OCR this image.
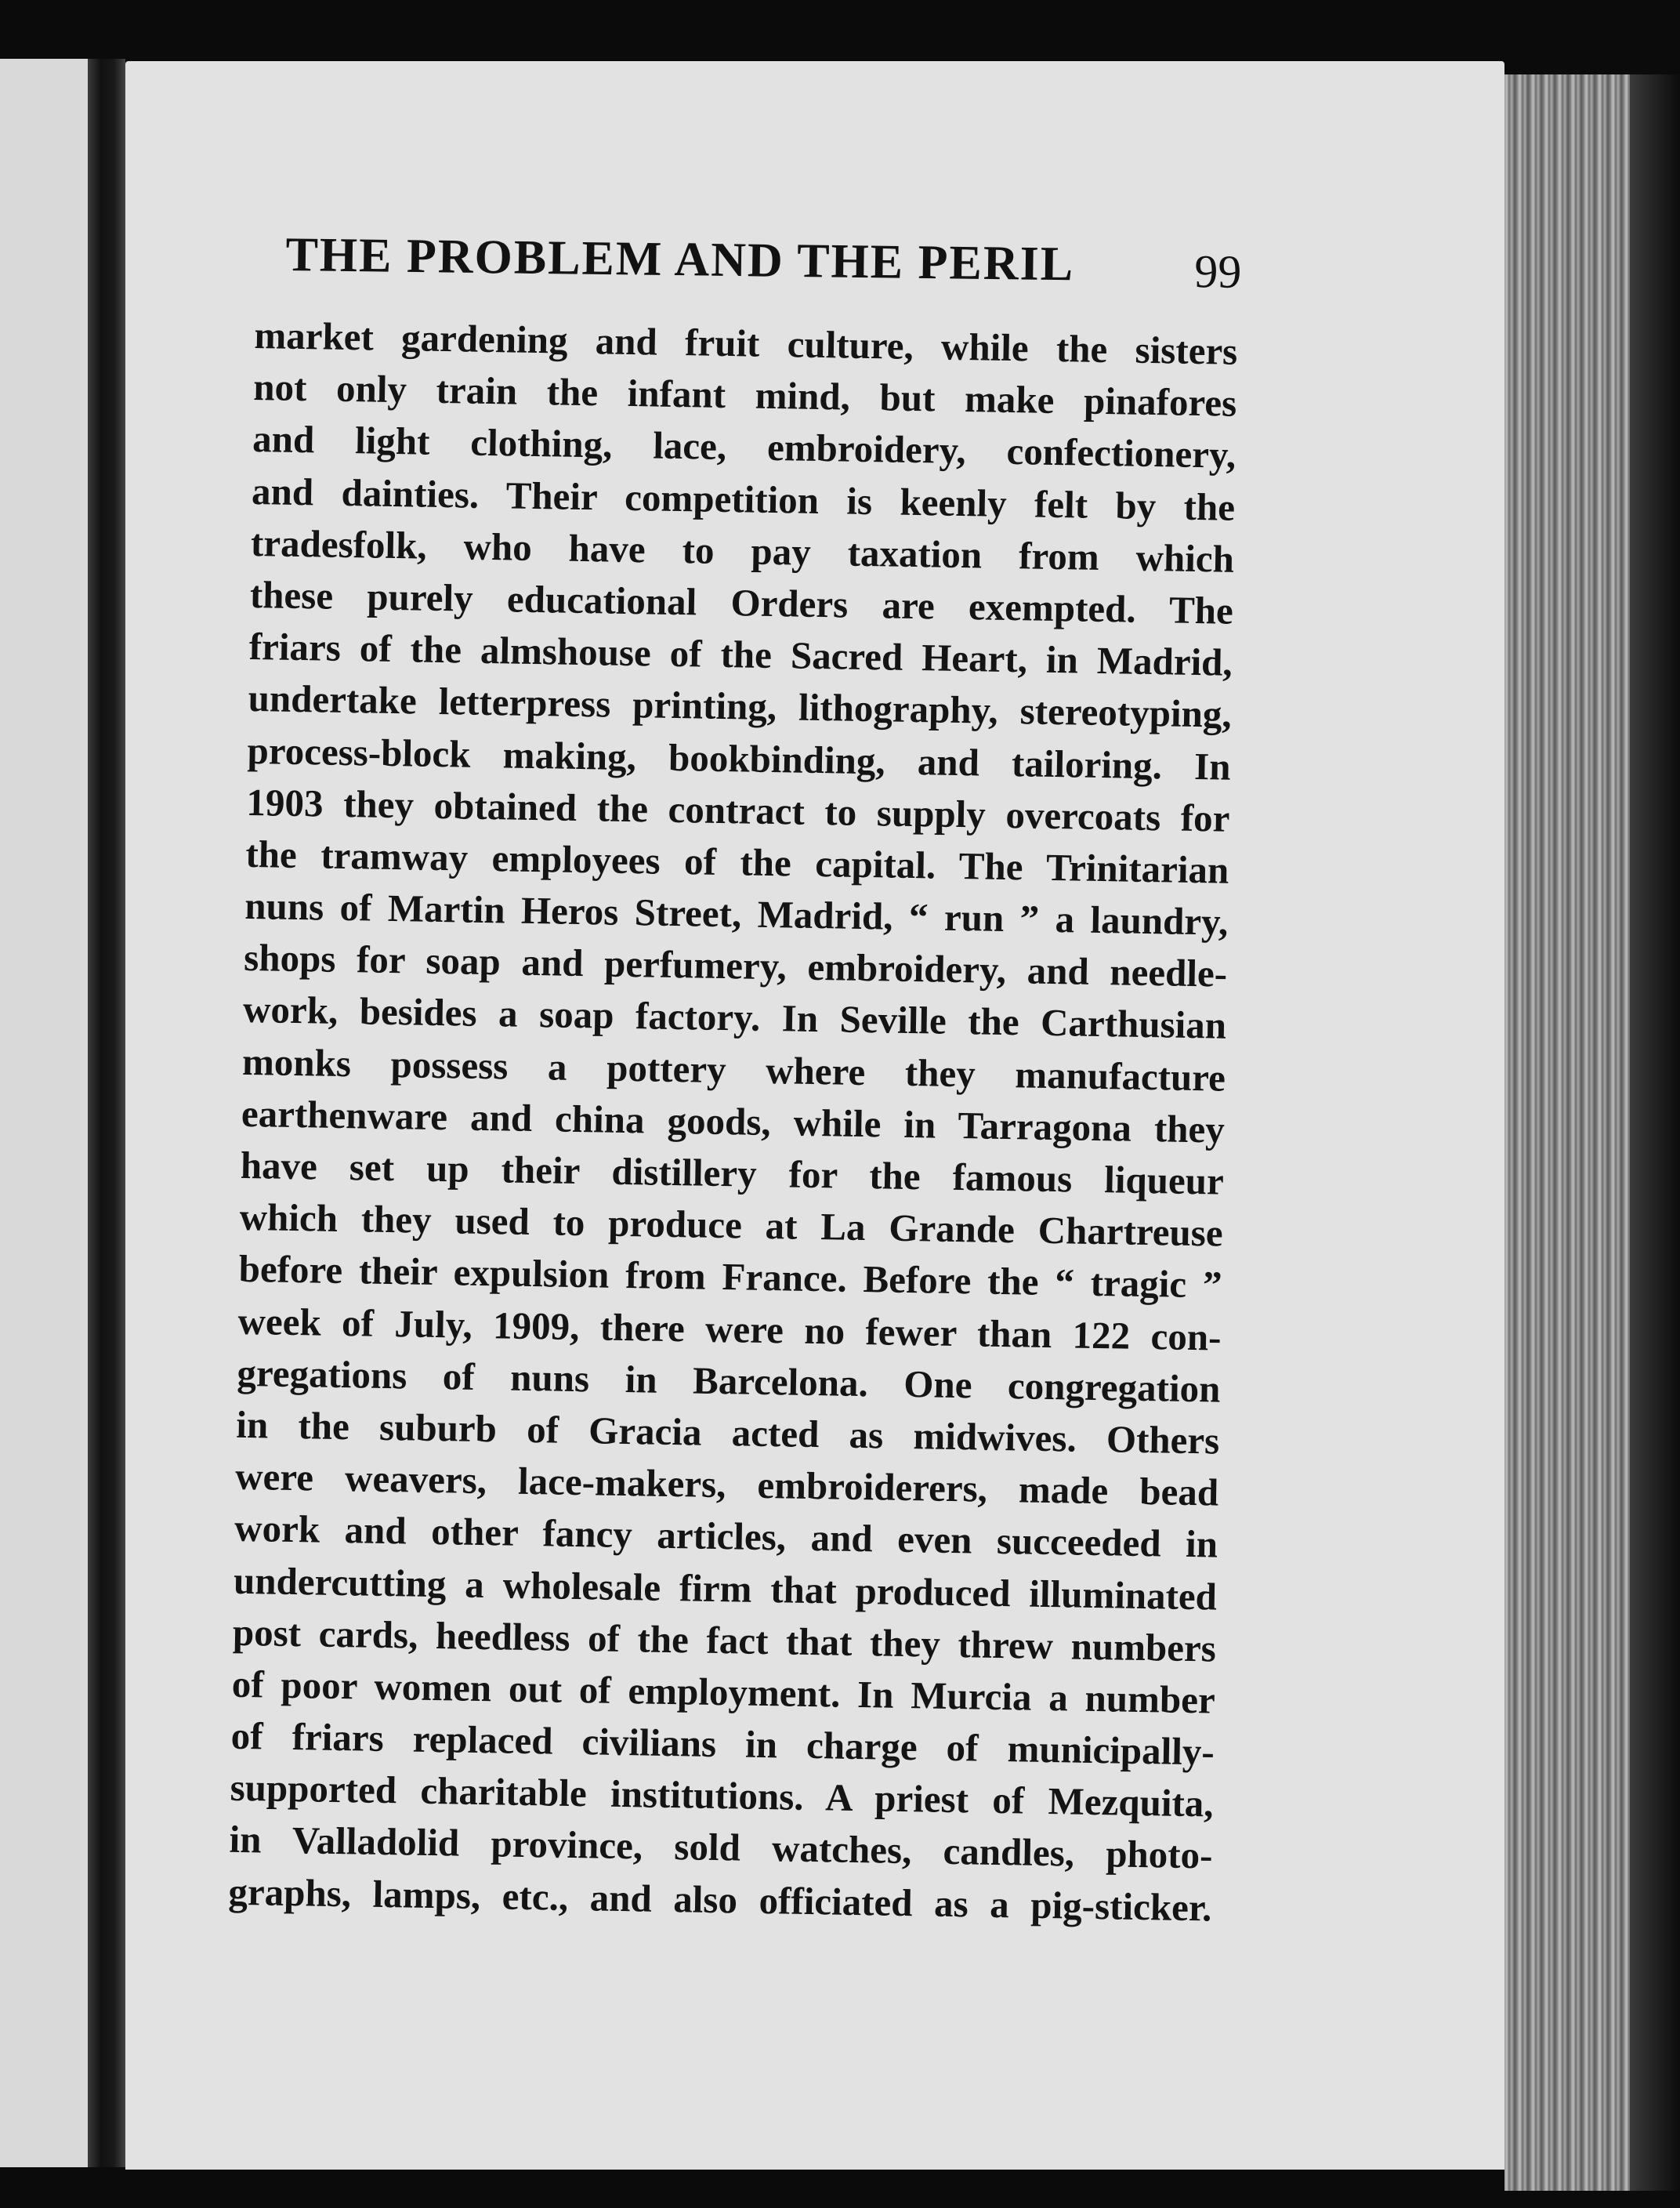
THE PROBLEM AND THE PERIL	99
market gardening and fruit culture, while the sisters
not only train the infant mind, but make pinafores
and light clothing, lace, embroidery, confectionery,
and dainties. Their competition is keenly felt by the
tradesfolk, who have to pay taxation from which
these purely educational Orders are exempted. The
friars of the almshouse of the Sacred Heart, in Madrid,
undertake letterpress printing, lithography, stereotyping,
process-block making, bookbinding, and tailoring. In
1903 they obtained the contract to supply overcoats for
the tramway employees of the capital. The Trinitarian
nuns of Martin Heros Street, Madrid, “ run ” a laundry,
shops for soap and perfumery, embroidery, and needle-
work, besides a soap factory. In Seville the Carthusian
monks possess a pottery where they manufacture
earthenware and china goods, while in Tarragona they
have set up their distillery for the famous liqueur
which they used to produce at La Grande Chartreuse
before their expulsion from France. Before the “ tragic ”
week of July, 1909, there were no fewer than 122 con-
gregations of nuns in Barcelona. One congregation
in the suburb of Gracia acted as midwives. Others
were weavers, lace-makers, embroiderers, made bead
work and other fancy articles, and even succeeded in
undercutting a wholesale firm that produced illuminated
post cards, heedless of the fact that they threw numbers
of poor women out of employment. In Murcia a number
of friars replaced civilians in charge of municipally-
supported charitable institutions. A priest of Mezquita,
in Valladolid province, sold watches, candles, photo-
graphs, lamps, etc., and also officiated as a pig-sticker.
